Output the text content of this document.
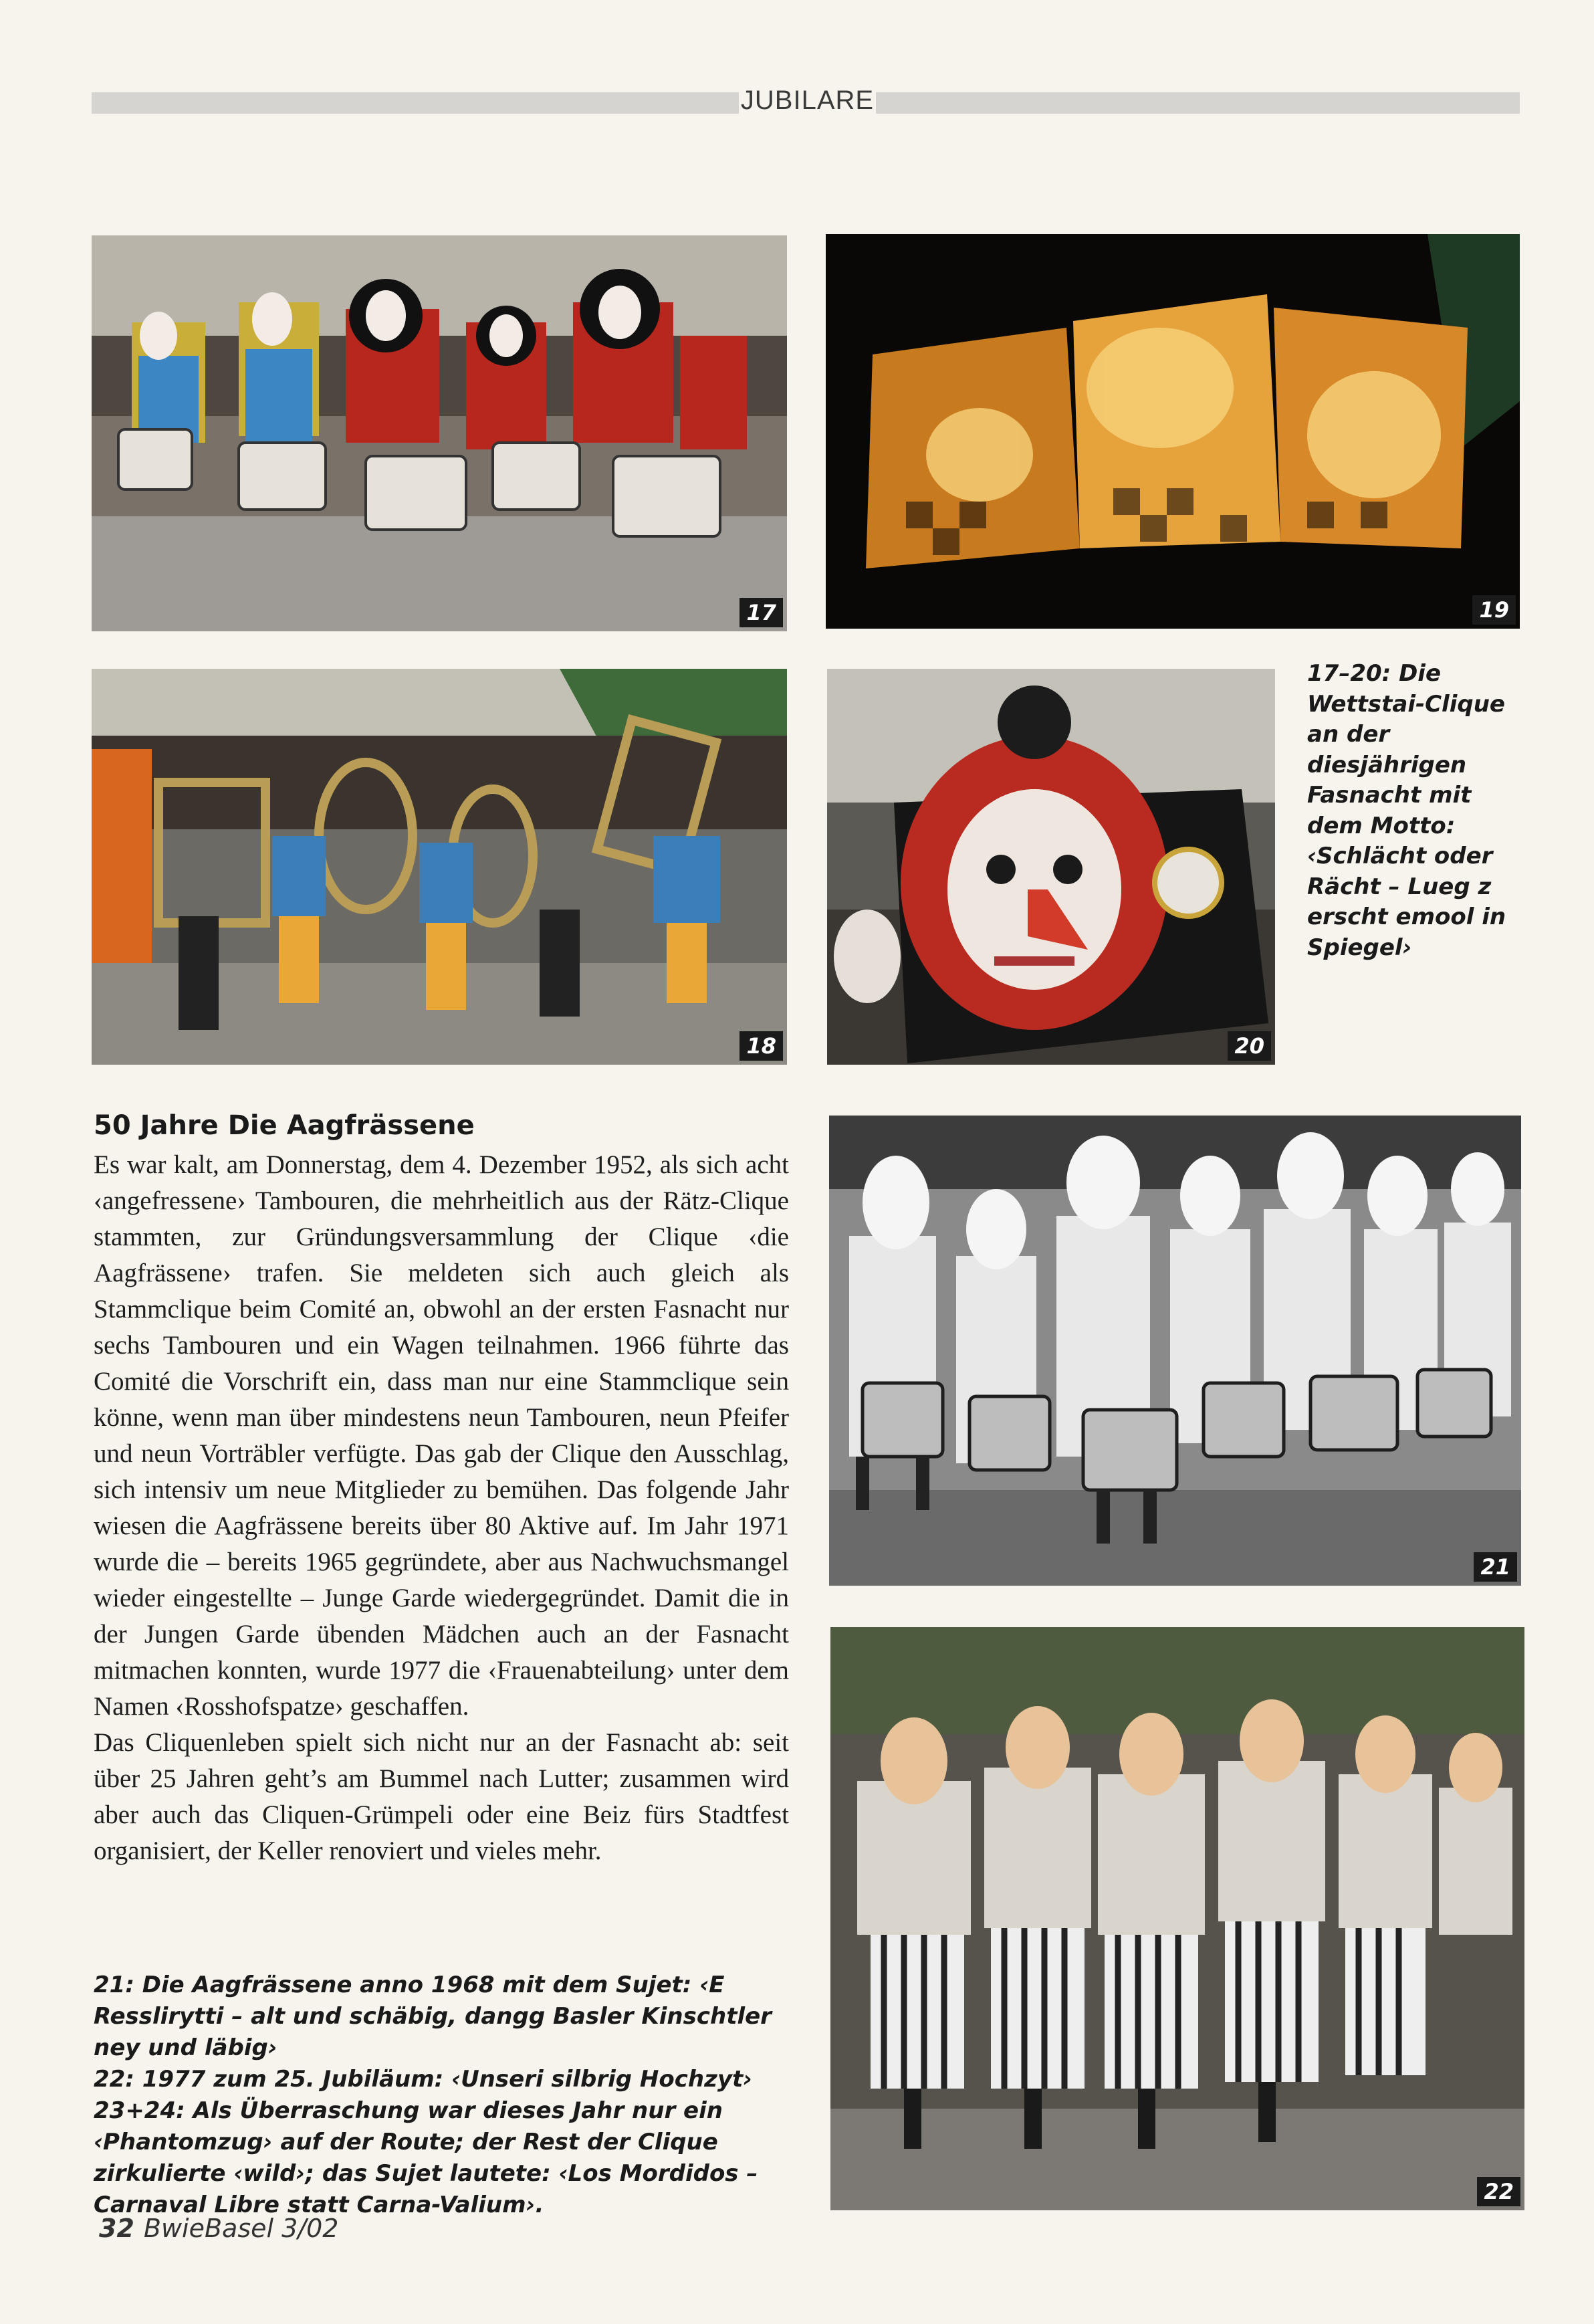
JUBILARE
17	19
18	20

17–20: Die Wettstai-Clique an der diesjährigen Fasnacht mit dem Motto: ‹Schlächt oder Rächt – Lueg z erscht emool in Spiegel›

50 Jahre Die Aagfrässene

Es war kalt, am Donnerstag, dem 4. Dezember 1952, als sich acht ‹angefressene› Tambouren, die mehrheitlich aus der Rätz-Clique stammten, zur Gründungsversammlung der Clique ‹die Aagfrässene› trafen. Sie meldeten sich auch gleich als Stammclique beim Comité an, obwohl an der ersten Fasnacht nur sechs Tambouren und ein Wagen teilnahmen. 1966 führte das Comité die Vorschrift ein, dass man nur eine Stammclique sein könne, wenn man über mindestens neun Tambouren, neun Pfeifer und neun Vorträbler verfügte. Das gab der Clique den Ausschlag, sich intensiv um neue Mitglieder zu bemühen. Das folgende Jahr wiesen die Aagfrässene bereits über 80 Aktive auf. Im Jahr 1971 wurde die – bereits 1965 gegründete, aber aus Nachwuchsmangel wieder eingestellte – Junge Garde wiedergegründet. Damit die in der Jungen Garde übenden Mädchen auch an der Fasnacht mitmachen konnten, wurde 1977 die ‹Frauenabteilung› unter dem Namen ‹Rosshofspatze› geschaffen.

Das Cliquenleben spielt sich nicht nur an der Fasnacht ab: seit über 25 Jahren geht’s am Bummel nach Lutter; zusammen wird aber auch das Cliquen-Grümpeli oder eine Beiz fürs Stadtfest organisiert, der Keller renoviert und vieles mehr.

21
22

21: Die Aagfrässene anno 1968 mit dem Sujet: ‹E Resslirytti – alt und schäbig, dangg Basler Kinschtler ney und läbig›

22: 1977 zum 25. Jubiläum: ‹Unseri silbrig Hochzyt›

23+24: Als Überraschung war dieses Jahr nur ein ‹Phantomzug› auf der Route; der Rest der Clique zirkulierte ‹wild›; das Sujet lautete: ‹Los Mordidos – Carnaval Libre statt Carna-Valium›.

32 BwieBasel 3/02
